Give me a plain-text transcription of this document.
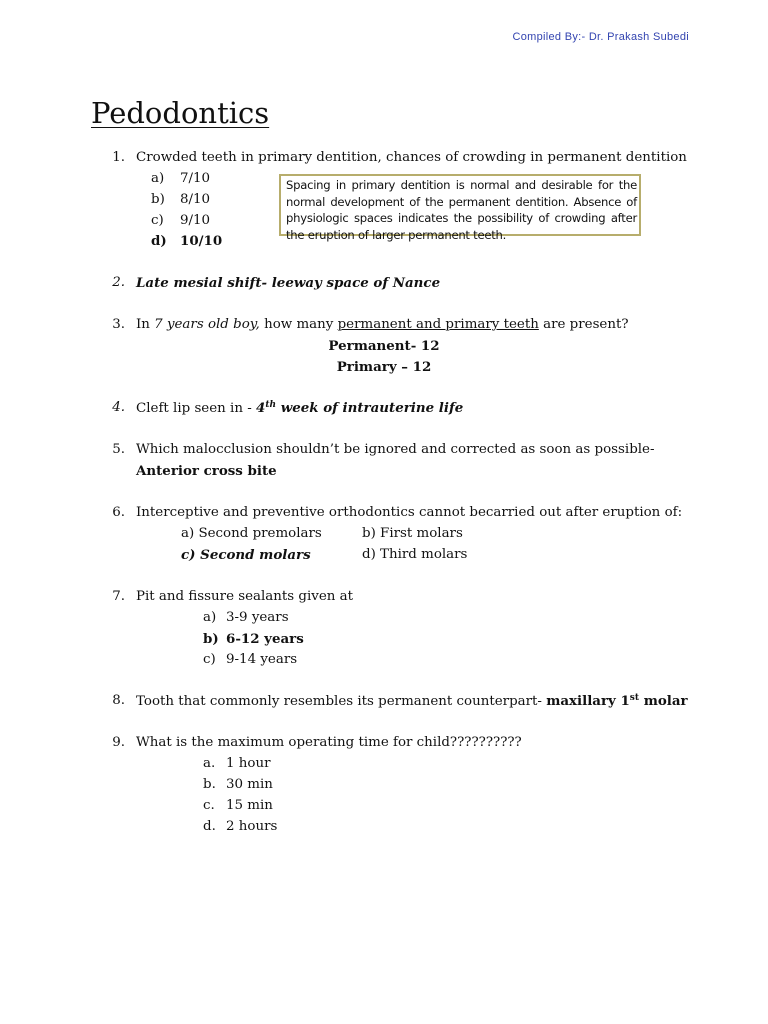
Compiled By:- Dr. Prakash Subedi
Pedodontics
1. Crowded teeth in primary dentition, chances of crowding in permanent dentition
a) 7/10
b) 8/10
c) 9/10
d) 10/10
Spacing in primary dentition is normal and desirable for the normal development of the permanent dentition. Absence of physiologic spaces indicates the possibility of crowding after the eruption of larger permanent teeth.
2. Late mesial shift- leeway space of Nance
3. In 7 years old boy, how many permanent and primary teeth are present?
Permanent- 12
Primary – 12
4. Cleft lip seen in - 4th week of intrauterine life
5. Which malocclusion shouldn’t be ignored and corrected as soon as possible-
Anterior cross bite
6. Interceptive and preventive orthodontics cannot becarried out after eruption of:
a) Second premolars	b) First molars
c) Second molars	d) Third molars
7. Pit and fissure sealants given at
a) 3-9 years
b) 6-12 years
c) 9-14 years
8. Tooth that commonly resembles its permanent counterpart- maxillary 1st molar
9. What is the maximum operating time for child??????????
a. 1 hour
b. 30 min
c. 15 min
d. 2 hours
